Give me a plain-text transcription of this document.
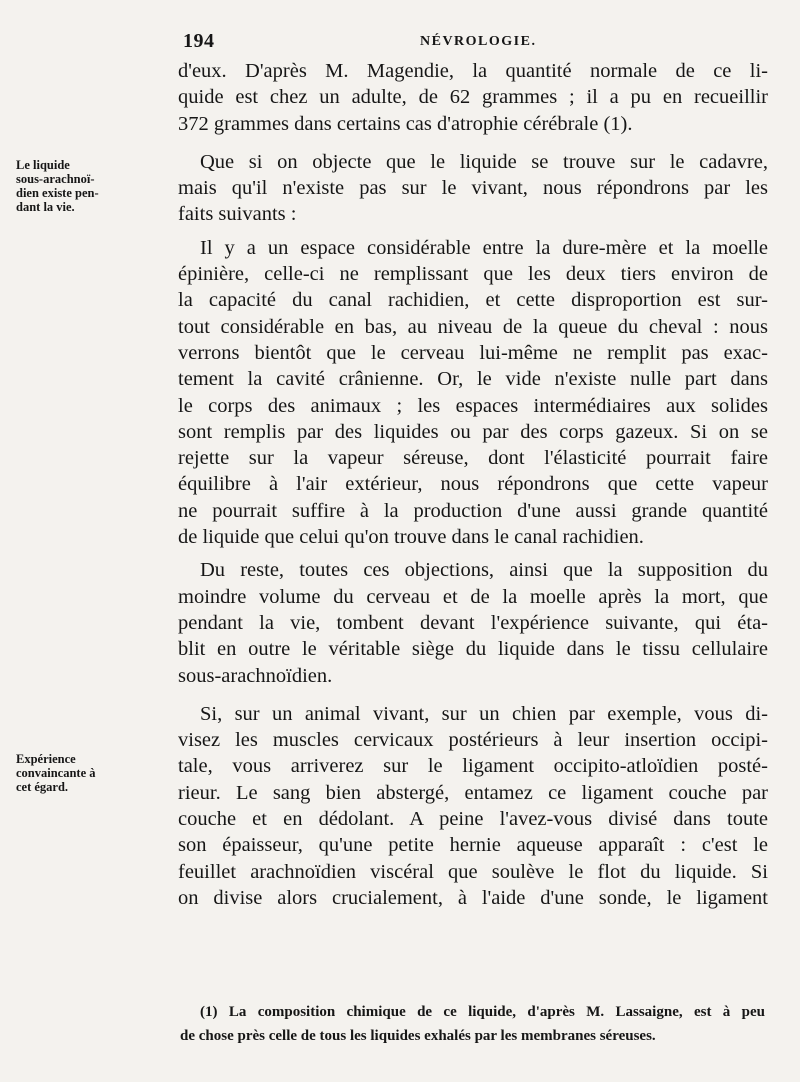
194	NÉVROLOGIE.
Le liquide
sous-arachnoï-
dien existe pen-
dant la vie.
Expérience
convaincante à
cet égard.
d'eux. D'après M. Magendie, la quantité normale de ce li-
quide est chez un adulte, de 62 grammes ; il a pu en recueillir
372 grammes dans certains cas d'atrophie cérébrale (1).
Que si on objecte que le liquide se trouve sur le cadavre,
mais qu'il n'existe pas sur le vivant, nous répondrons par les
faits suivants :
Il y a un espace considérable entre la dure-mère et la moelle
épinière, celle-ci ne remplissant que les deux tiers environ de
la capacité du canal rachidien, et cette disproportion est sur-
tout considérable en bas, au niveau de la queue du cheval : nous
verrons bientôt que le cerveau lui-même ne remplit pas exac-
tement la cavité crânienne. Or, le vide n'existe nulle part dans
le corps des animaux ; les espaces intermédiaires aux solides
sont remplis par des liquides ou par des corps gazeux. Si on se
rejette sur la vapeur séreuse, dont l'élasticité pourrait faire
équilibre à l'air extérieur, nous répondrons que cette vapeur
ne pourrait suffire à la production d'une aussi grande quantité
de liquide que celui qu'on trouve dans le canal rachidien.
Du reste, toutes ces objections, ainsi que la supposition du
moindre volume du cerveau et de la moelle après la mort, que
pendant la vie, tombent devant l'expérience suivante, qui éta-
blit en outre le véritable siège du liquide dans le tissu cellulaire
sous-arachnoïdien.
Si, sur un animal vivant, sur un chien par exemple, vous di-
visez les muscles cervicaux postérieurs à leur insertion occipi-
tale, vous arriverez sur le ligament occipito-atloïdien posté-
rieur. Le sang bien abstergé, entamez ce ligament couche par
couche et en dédolant. A peine l'avez-vous divisé dans toute
son épaisseur, qu'une petite hernie aqueuse apparaît : c'est le
feuillet arachnoïdien viscéral que soulève le flot du liquide. Si
on divise alors crucialement, à l'aide d'une sonde, le ligament
(1) La composition chimique de ce liquide, d'après M. Lassaigne, est à peu
de chose près celle de tous les liquides exhalés par les membranes séreuses.
